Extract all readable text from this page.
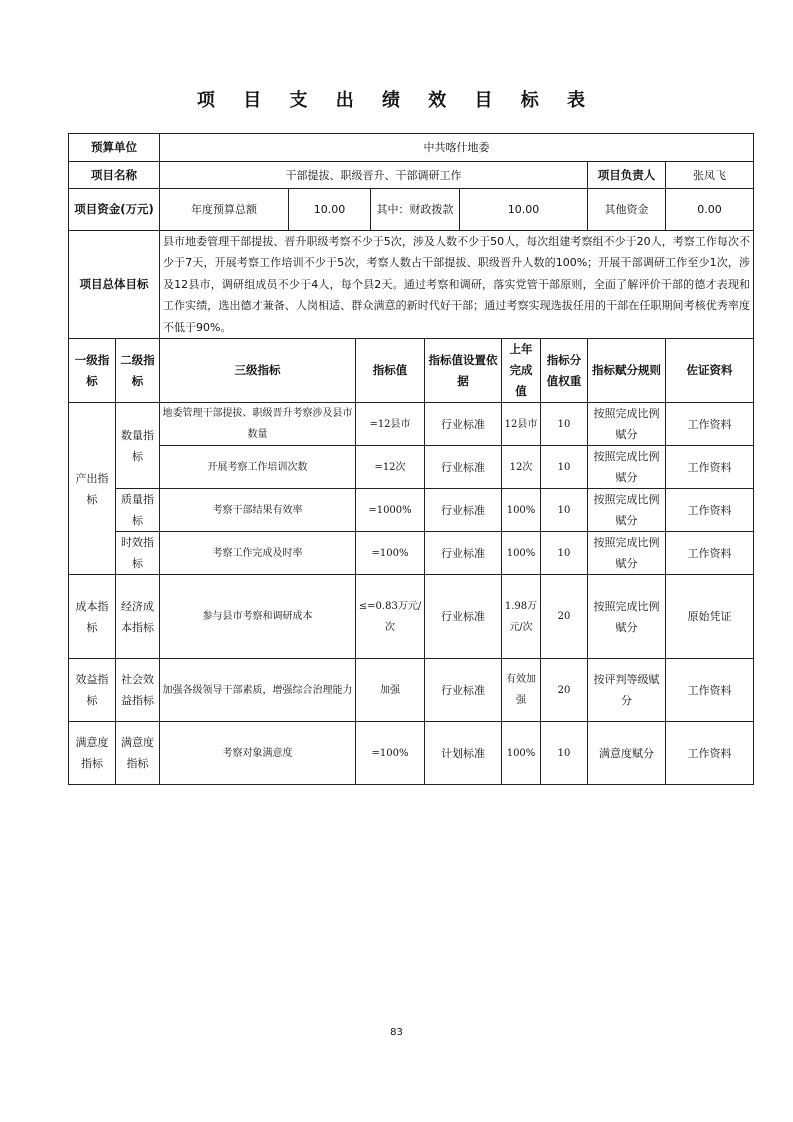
项 目 支 出 绩 效 目 标 表
预算单位		中共喀什地委									
项目名称		干部提拔、职级晋升、干部调研工作								项目负责人	张凤飞
项目资金(万元)		年度预算总额	10.00		其中：财政拨款		10.00			其他资金	0.00
项目总体目标		县市地委管理干部提拔、晋升职级考察不少于5次，涉及人数不少于50人，每次组建考察组不少于20人，考察工作每次不少于7天，开展考察工作培训不少于5次，考察人数占干部提拔、职级晋升人数的100%；开展干部调研工作至少1次，涉及12县市，调研组成员不少于4人，每个县2天。通过考察和调研，落实党管干部原则，全面了解评价干部的德才表现和工作实绩，选出德才兼备、人岗相适、群众满意的新时代好干部；通过考察实现选拔任用的干部在任职期间考核优秀率度不低于90%。									
一级指标	二级指标	三级指标		指标值		指标值设置依据		上年完成值	指标分值权重	指标赋分规则	佐证资料
产出指标	数量指标	地委管理干部提拔、职级晋升考察涉及县市数量		=12县市		行业标准		12县市	10	按照完成比例赋分	工作资料
		开展考察工作培训次数		=12次		行业标准		12次	10	按照完成比例赋分	工作资料
	质量指标	考察干部结果有效率		=1000%		行业标准		100%	10	按照完成比例赋分	工作资料
	时效指标	考察工作完成及时率		=100%		行业标准		100%	10	按照完成比例赋分	工作资料
成本指标	经济成本指标	参与县市考察和调研成本		≤=0.83万元/次		行业标准		1.98万元/次	20	按照完成比例赋分	原始凭证
效益指标	社会效益指标	加强各级领导干部素质，增强综合治理能力		加强		行业标准		有效加强	20	按评判等级赋分	工作资料
满意度指标	满意度指标	考察对象满意度		=100%		计划标准		100%	10	满意度赋分	工作资料
83
